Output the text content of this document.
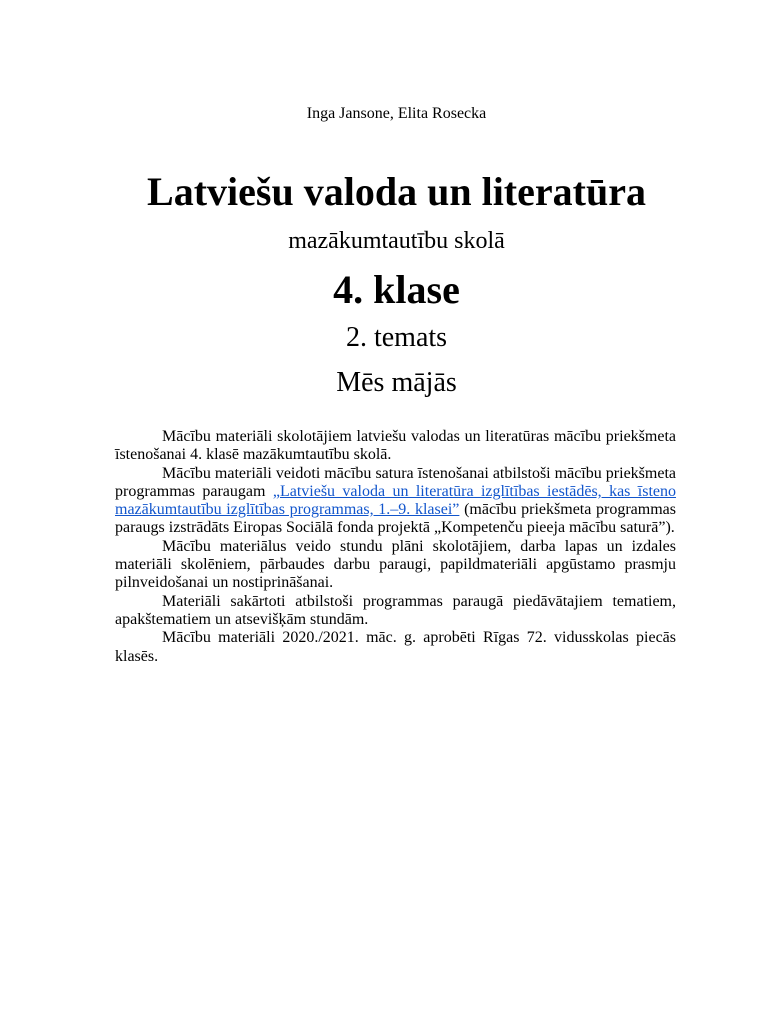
Inga Jansone, Elita Rosecka
Latviešu valoda un literatūra
mazākumtautību skolā
4. klase
2. temats
Mēs mājās

Mācību materiāli skolotājiem latviešu valodas un literatūras mācību priekšmeta īstenošanai 4. klasē mazākumtautību skolā.

Mācību materiāli veidoti mācību satura īstenošanai atbilstoši mācību priekšmeta programmas paraugam „Latviešu valoda un literatūra izglītības iestādēs, kas īsteno mazākumtautību izglītības programmas, 1.–9. klasei” (mācību priekšmeta programmas paraugs izstrādāts Eiropas Sociālā fonda projektā „Kompetenču pieeja mācību saturā”).

Mācību materiālus veido stundu plāni skolotājiem, darba lapas un izdales materiāli skolēniem, pārbaudes darbu paraugi, papildmateriāli apgūstamo prasmju pilnveidošanai un nostiprināšanai.

Materiāli sakārtoti atbilstoši programmas paraugā piedāvātajiem tematiem, apakštematiem un atsevišķām stundām.

Mācību materiāli 2020./2021. māc. g. aprobēti Rīgas 72. vidusskolas piecās klasēs.
